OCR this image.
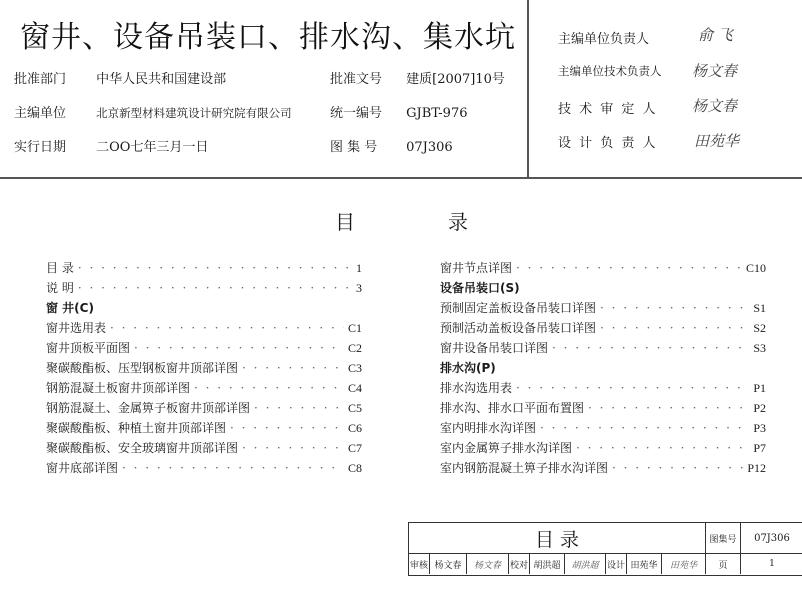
窗井、设备吊装口、排水沟、集水坑
批准部门 中华人民共和国建设部	批准文号 建质[2007]10号
主编单位	北京新型材料建筑设计研究院有限公司	统一编号 GJBT-976
实行日期 二OO七年三月一日	图 集 号 07J306
主编单位负责人	俞 飞
主编单位技术负责人 杨文春
技 术 审 定 人 杨文春
设 计 负 责 人 田苑华
目	录
目 录 · · ·	1
说 明 · · ·	3
窗 井(C)
窗井选用表 · · ·	C1
窗井顶板平面图 · · ·	C2
聚碳酸酯板、压型钢板窗井顶部详图 · · ·	C3
钢筋混凝土板窗井顶部详图 · · ·	C4
钢筋混凝土、金属箅子板窗井顶部详图 · · ·	C5
聚碳酸酯板、种植土窗井顶部详图 · · ·	C6
聚碳酸酯板、安全玻璃窗井顶部详图 · · ·	C7
窗井底部详图 · · ·	C8
窗井节点详图 · · ·	C10
设备吊装口(S)
预制固定盖板设备吊装口详图 · · ·	S1
预制活动盖板设备吊装口详图 · · ·	S2
窗井设备吊装口详图 · · ·	S3
排水沟(P)
排水沟选用表 · · ·	P1
排水沟、排水口平面布置图 · · ·	P2
室内明排水沟详图 · · ·	P3
室内金属箅子排水沟详图 · · ·	P7
室内钢筋混凝土箅子排水沟详图 · · ·	P12
目 录	图集号	07J306
审核 杨文春	杨文春 校对 胡洪超	胡洪超 设计 田苑华	田苑华	页	1
